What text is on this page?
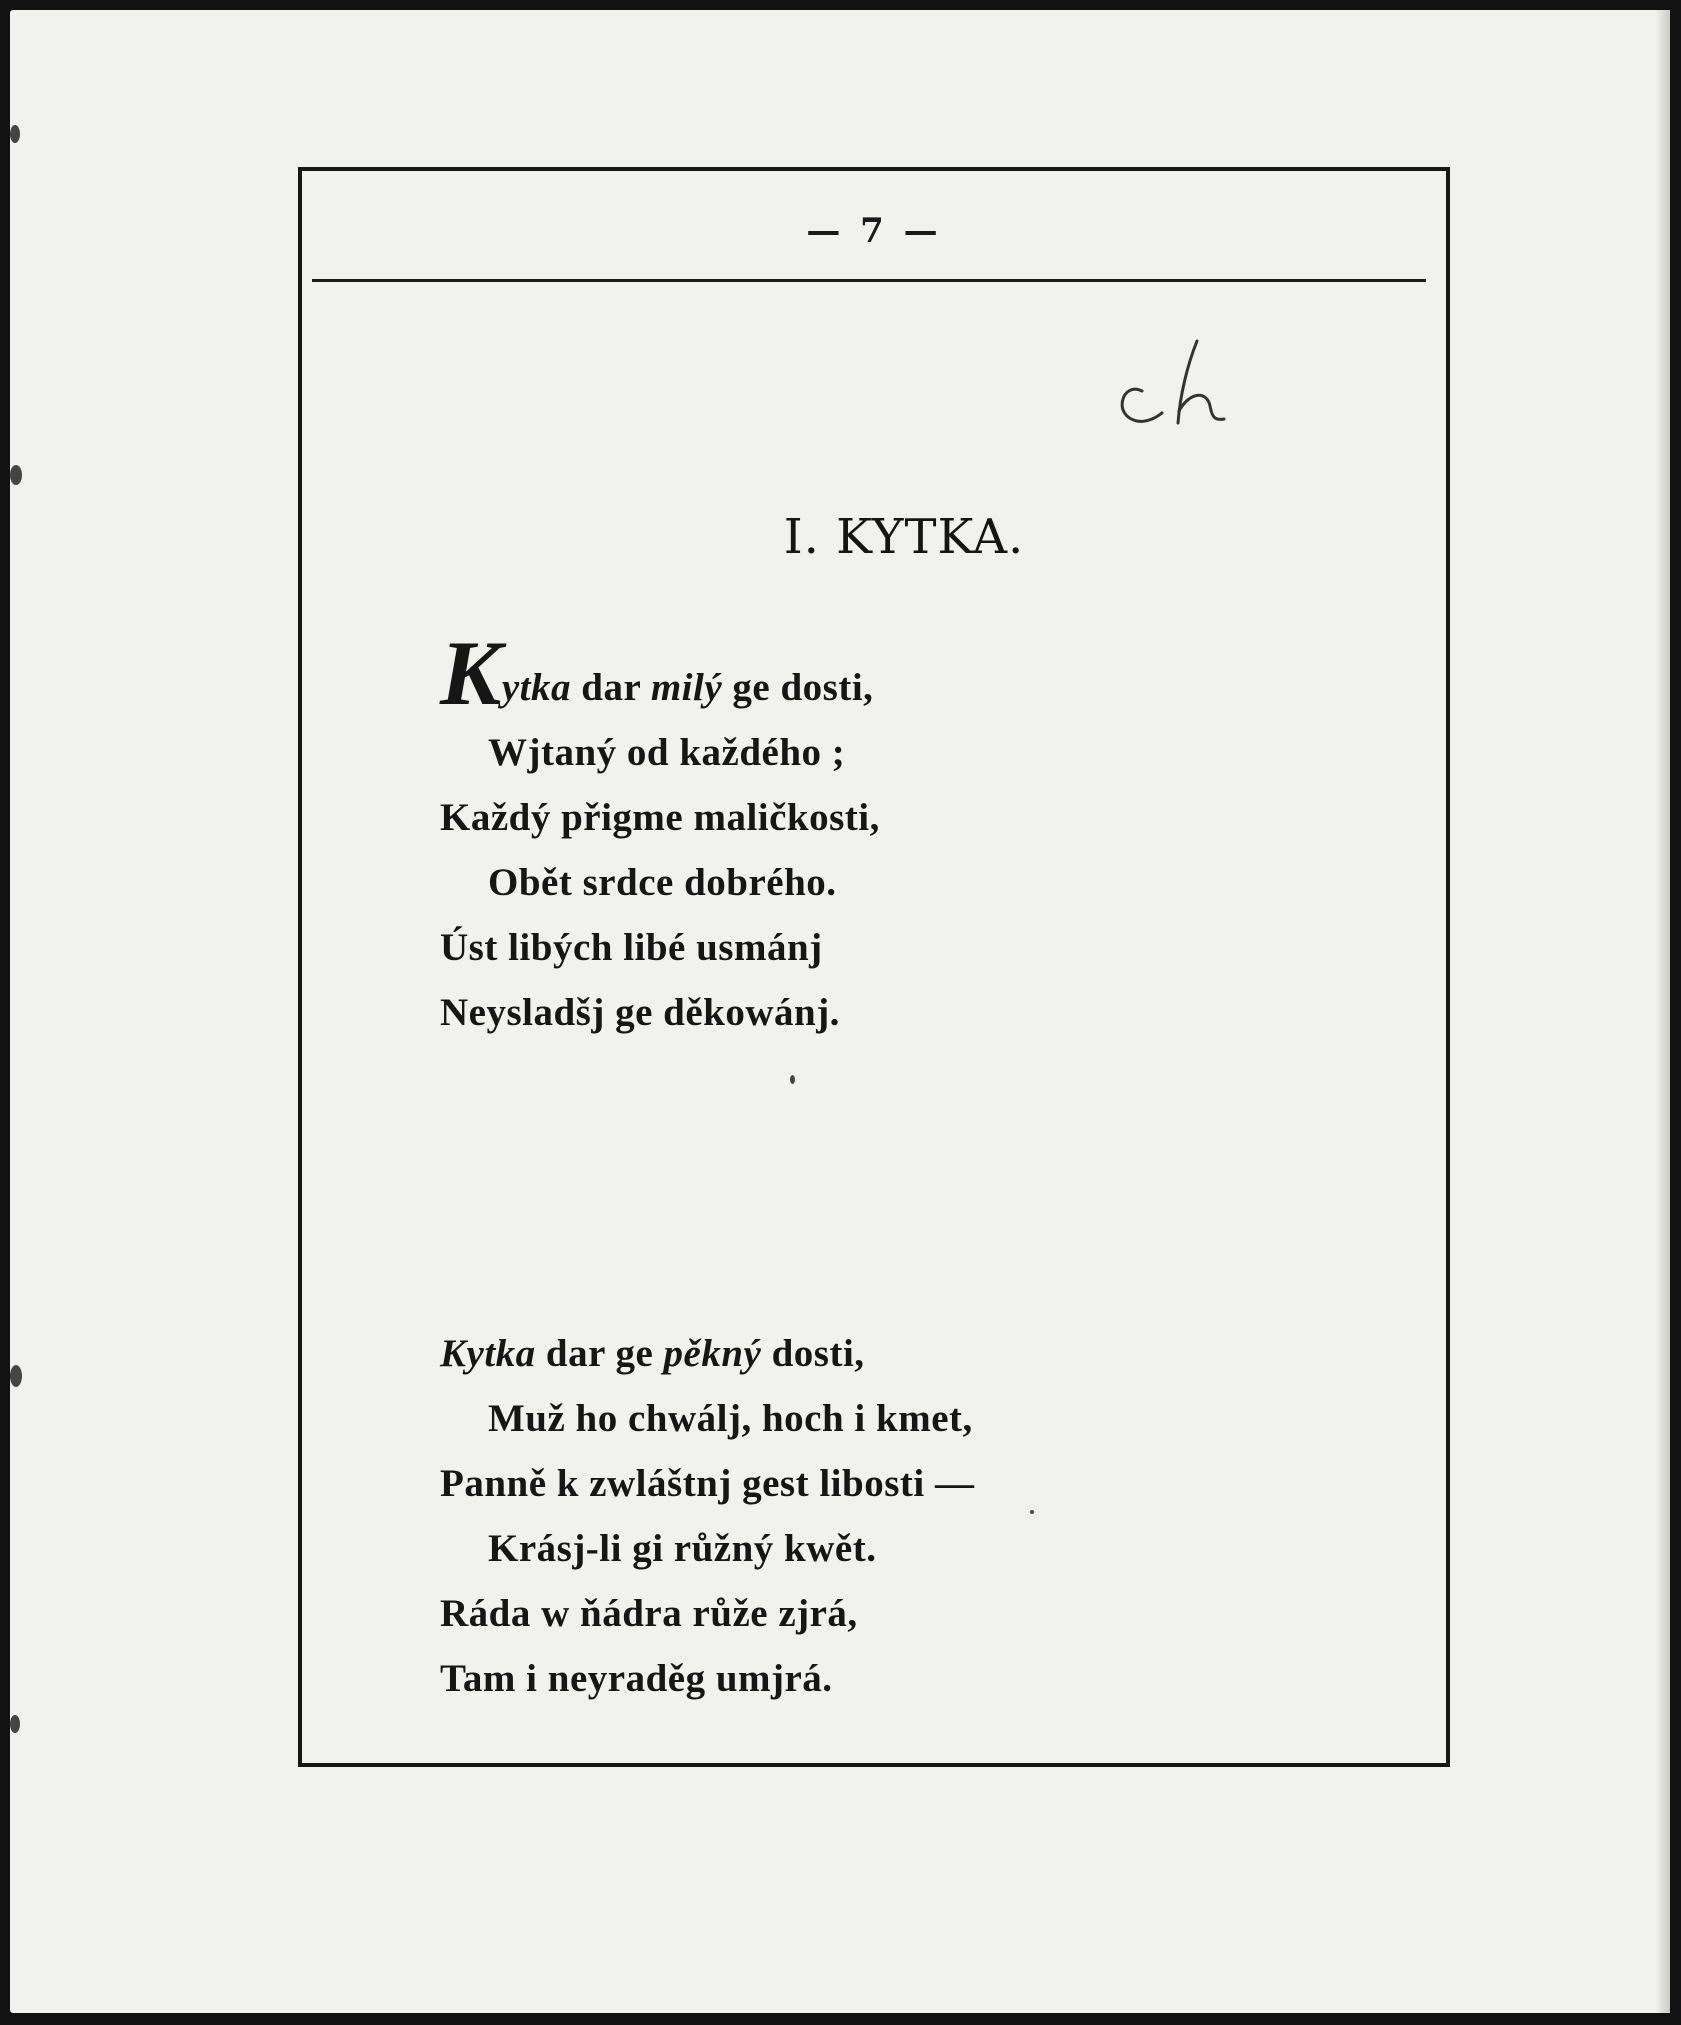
— 7 —
I. KYTKA.
Kytka dar milý ge dosti,
Wjtaný od každého ;
Každý přigme maličkosti,
Obět srdce dobrého.
Úst libých libé usmánj
Neysladšj ge děkowánj.
Kytka dar ge pěkný dosti,
Muž ho chwálj, hoch i kmet,
Panně k zwláštnj gest libosti —
Krásj-li gi růžný kwět.
Ráda w ňádra růže zjrá,
Tam i neyraděg umjrá.
